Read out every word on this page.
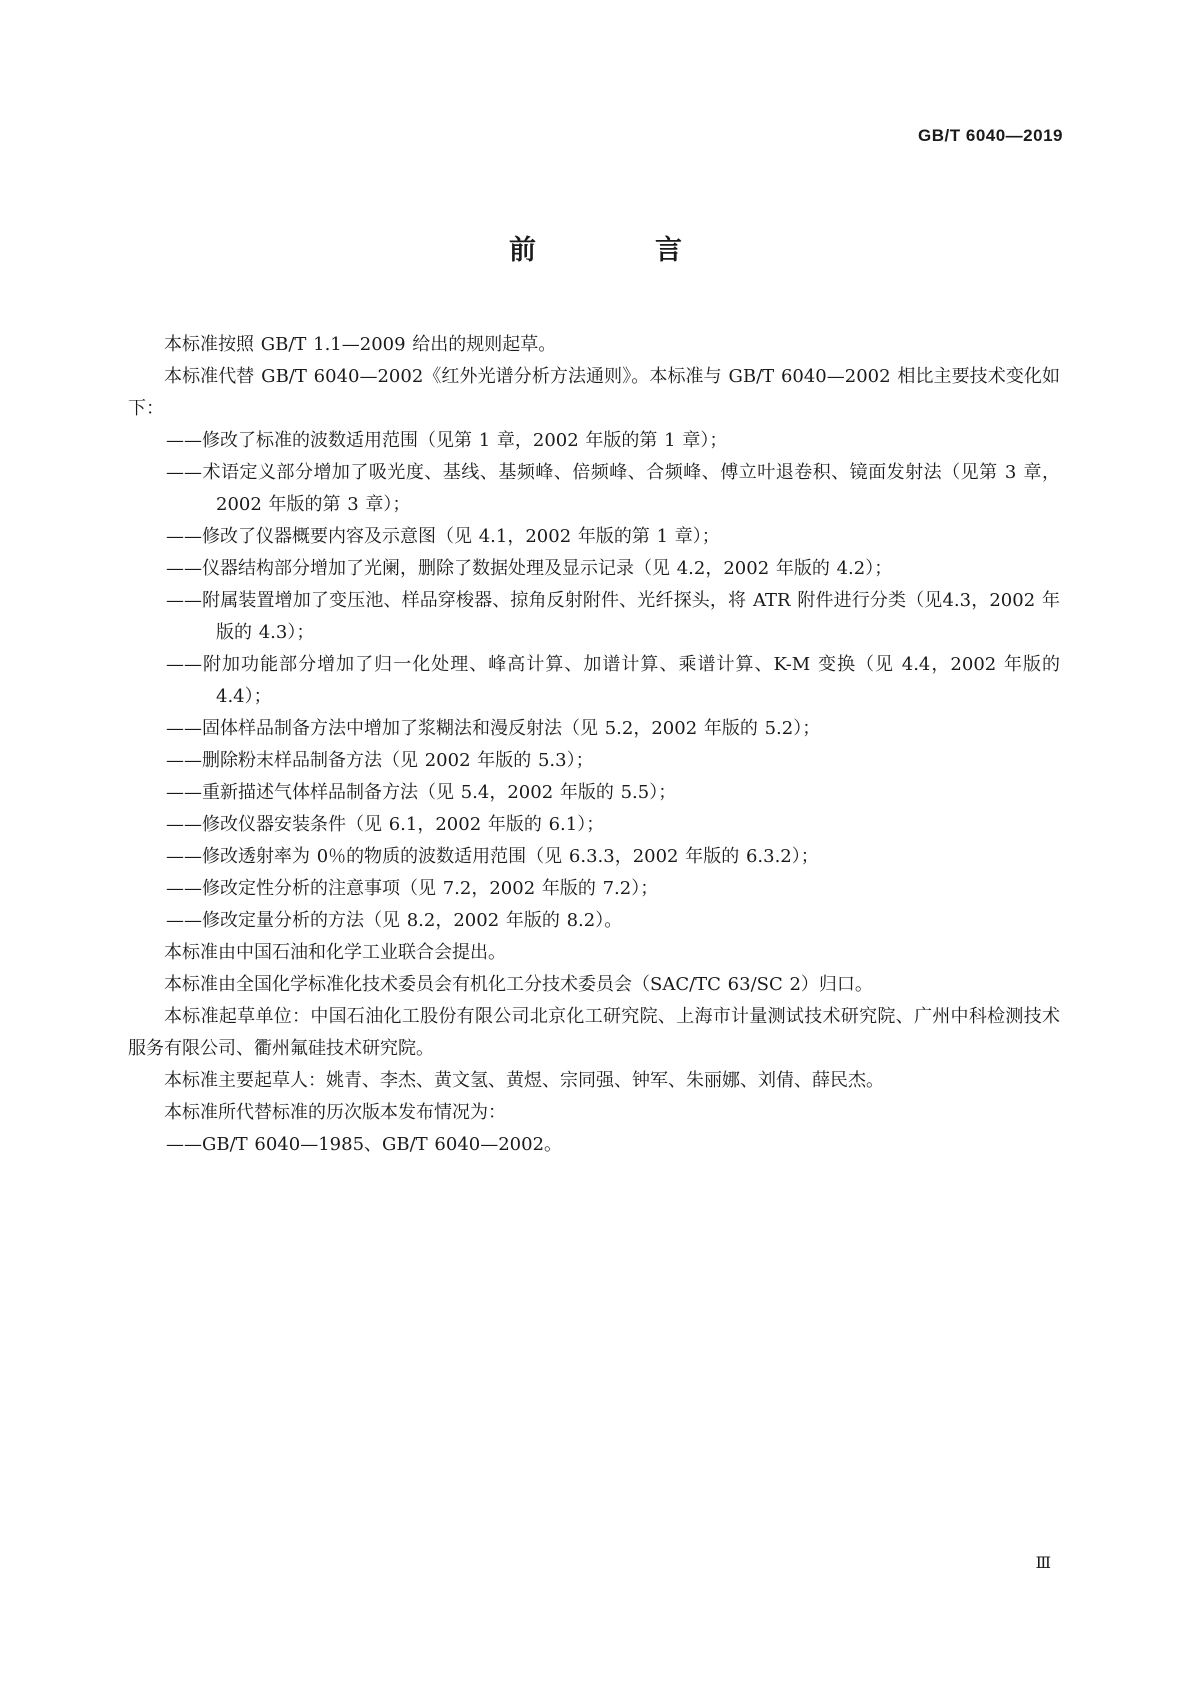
GB/T 6040—2019
前　言

本标准按照 GB/T 1.1—2009 给出的规则起草。

本标准代替 GB/T 6040—2002《红外光谱分析方法通则》。本标准与 GB/T 6040—2002 相比主要技术变化如下：

——修改了标准的波数适用范围（见第 1 章，2002 年版的第 1 章）；

——术语定义部分增加了吸光度、基线、基频峰、倍频峰、合频峰、傅立叶退卷积、镜面发射法（见第 3 章，2002 年版的第 3 章）；

——修改了仪器概要内容及示意图（见 4.1，2002 年版的第 1 章）；

——仪器结构部分增加了光阑，删除了数据处理及显示记录（见 4.2，2002 年版的 4.2）；

——附属装置增加了变压池、样品穿梭器、掠角反射附件、光纤探头，将 ATR 附件进行分类（见4.3，2002 年版的 4.3）；

——附加功能部分增加了归一化处理、峰高计算、加谱计算、乘谱计算、K-M 变换（见 4.4，2002 年版的 4.4）；

——固体样品制备方法中增加了浆糊法和漫反射法（见 5.2，2002 年版的 5.2）；

——删除粉末样品制备方法（见 2002 年版的 5.3）；

——重新描述气体样品制备方法（见 5.4，2002 年版的 5.5）；

——修改仪器安装条件（见 6.1，2002 年版的 6.1）；

——修改透射率为 0％的物质的波数适用范围（见 6.3.3，2002 年版的 6.3.2）；

——修改定性分析的注意事项（见 7.2，2002 年版的 7.2）；

——修改定量分析的方法（见 8.2，2002 年版的 8.2）。

本标准由中国石油和化学工业联合会提出。

本标准由全国化学标准化技术委员会有机化工分技术委员会（SAC/TC 63/SC 2）归口。

本标准起草单位：中国石油化工股份有限公司北京化工研究院、上海市计量测试技术研究院、广州中科检测技术服务有限公司、衢州氟硅技术研究院。

本标准主要起草人：姚青、李杰、黄文氢、黄煜、宗同强、钟军、朱丽娜、刘倩、薛民杰。

本标准所代替标准的历次版本发布情况为：

——GB/T 6040—1985、GB/T 6040—2002。

Ⅲ
